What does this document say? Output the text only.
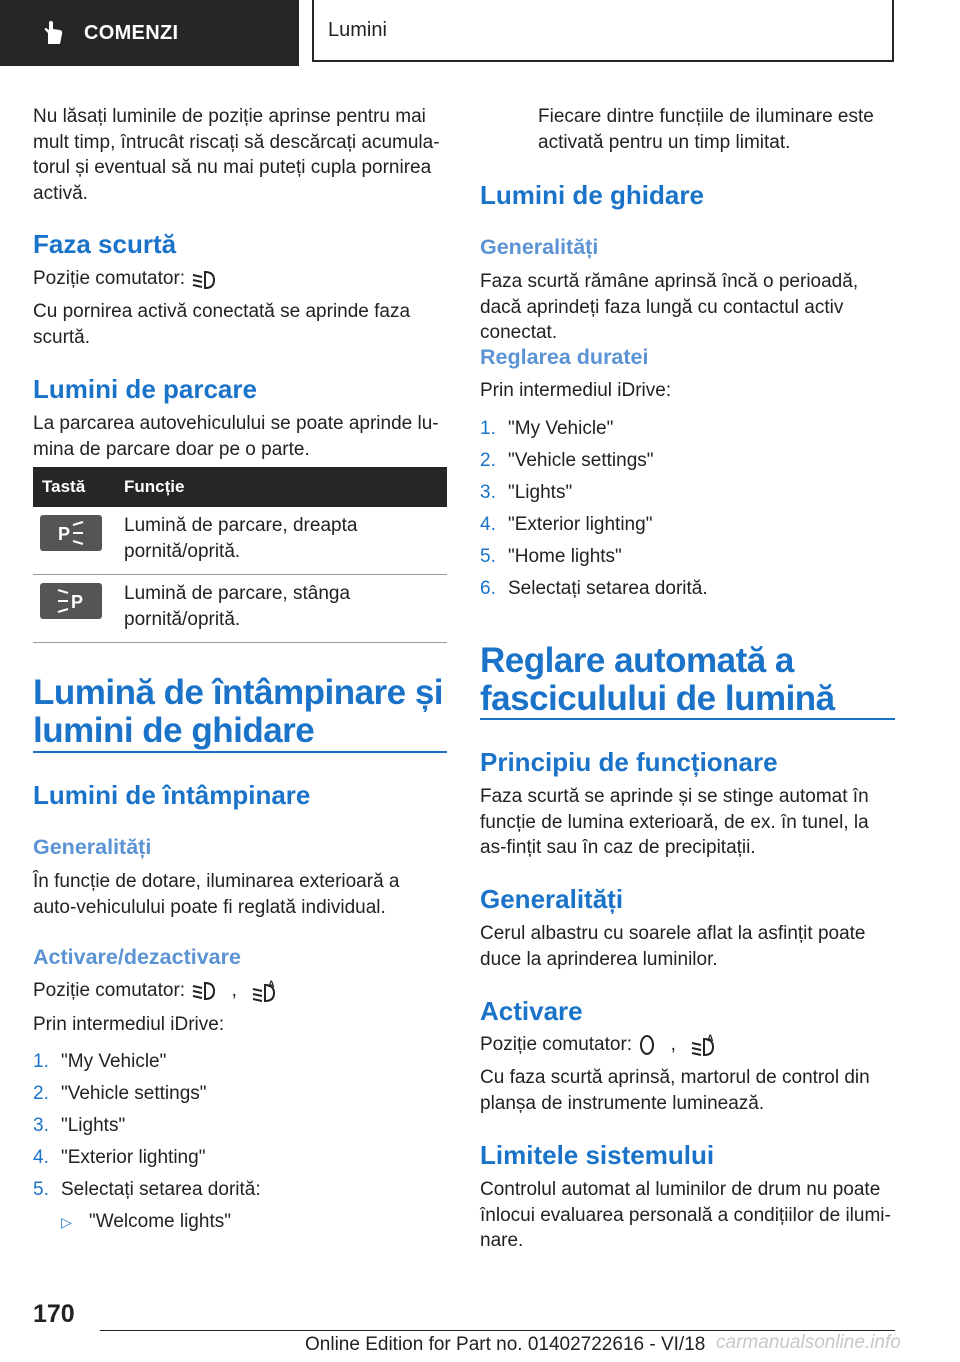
COMENZI	Lumini

Nu lăsați luminile de poziție aprinse pentru mai mult timp, întrucât riscați să descărcați acumula-torul și eventual să nu mai puteți cupla pornirea activă.

Faza scurtă
Poziție comutator:

Cu pornirea activă conectată se aprinde faza scurtă.

Lumini de parcare

La parcarea autovehiculului se poate aprinde lu-mina de parcare doar pe o parte.

Tastă	Funcție

P	Lumină de parcare, dreapta pornită/oprită.

P	Lumină de parcare, stânga pornită/oprită.
Lumină de întâmpinare și lumini de ghidare
Lumini de întâmpinare
Generalități

În funcție de dotare, iluminarea exterioară a auto-vehiculului poate fi reglată individual.

Activare/dezactivare
Poziție comutator: ,	A

Prin intermediul iDrive:

1. "My Vehicle"
2. "Vehicle settings"
3. "Lights"
4. "Exterior lighting"
5. Selectați setarea dorită:
▷ "Welcome lights"

Fiecare dintre funcțiile de iluminare este activată pentru un timp limitat.

Lumini de ghidare
Generalități

Faza scurtă rămâne aprinsă încă o perioadă, dacă aprindeți faza lungă cu contactul activ conectat.

Reglarea duratei

Prin intermediul iDrive:

1. "My Vehicle"
2. "Vehicle settings"
3. "Lights"
4. "Exterior lighting"
5. "Home lights"
6. Selectați setarea dorită.
Reglare automată a fasciculului de lumină
Principiu de funcționare

Faza scurtă se aprinde și se stinge automat în funcție de lumina exterioară, de ex. în tunel, la as-fințit sau în caz de precipitații.

Generalități

Cerul albastru cu soarele aflat la asfințit poate duce la aprinderea luminilor.

Activare
Poziție comutator: ,	A

Cu faza scurtă aprinsă, martorul de control din planșa de instrumente luminează.

Limitele sistemului

Controlul automat al luminilor de drum nu poate înlocui evaluarea personală a condițiilor de ilumi-nare.

170
Online Edition for Part no. 01402722616 - VI/18 carmanualsonline.info
